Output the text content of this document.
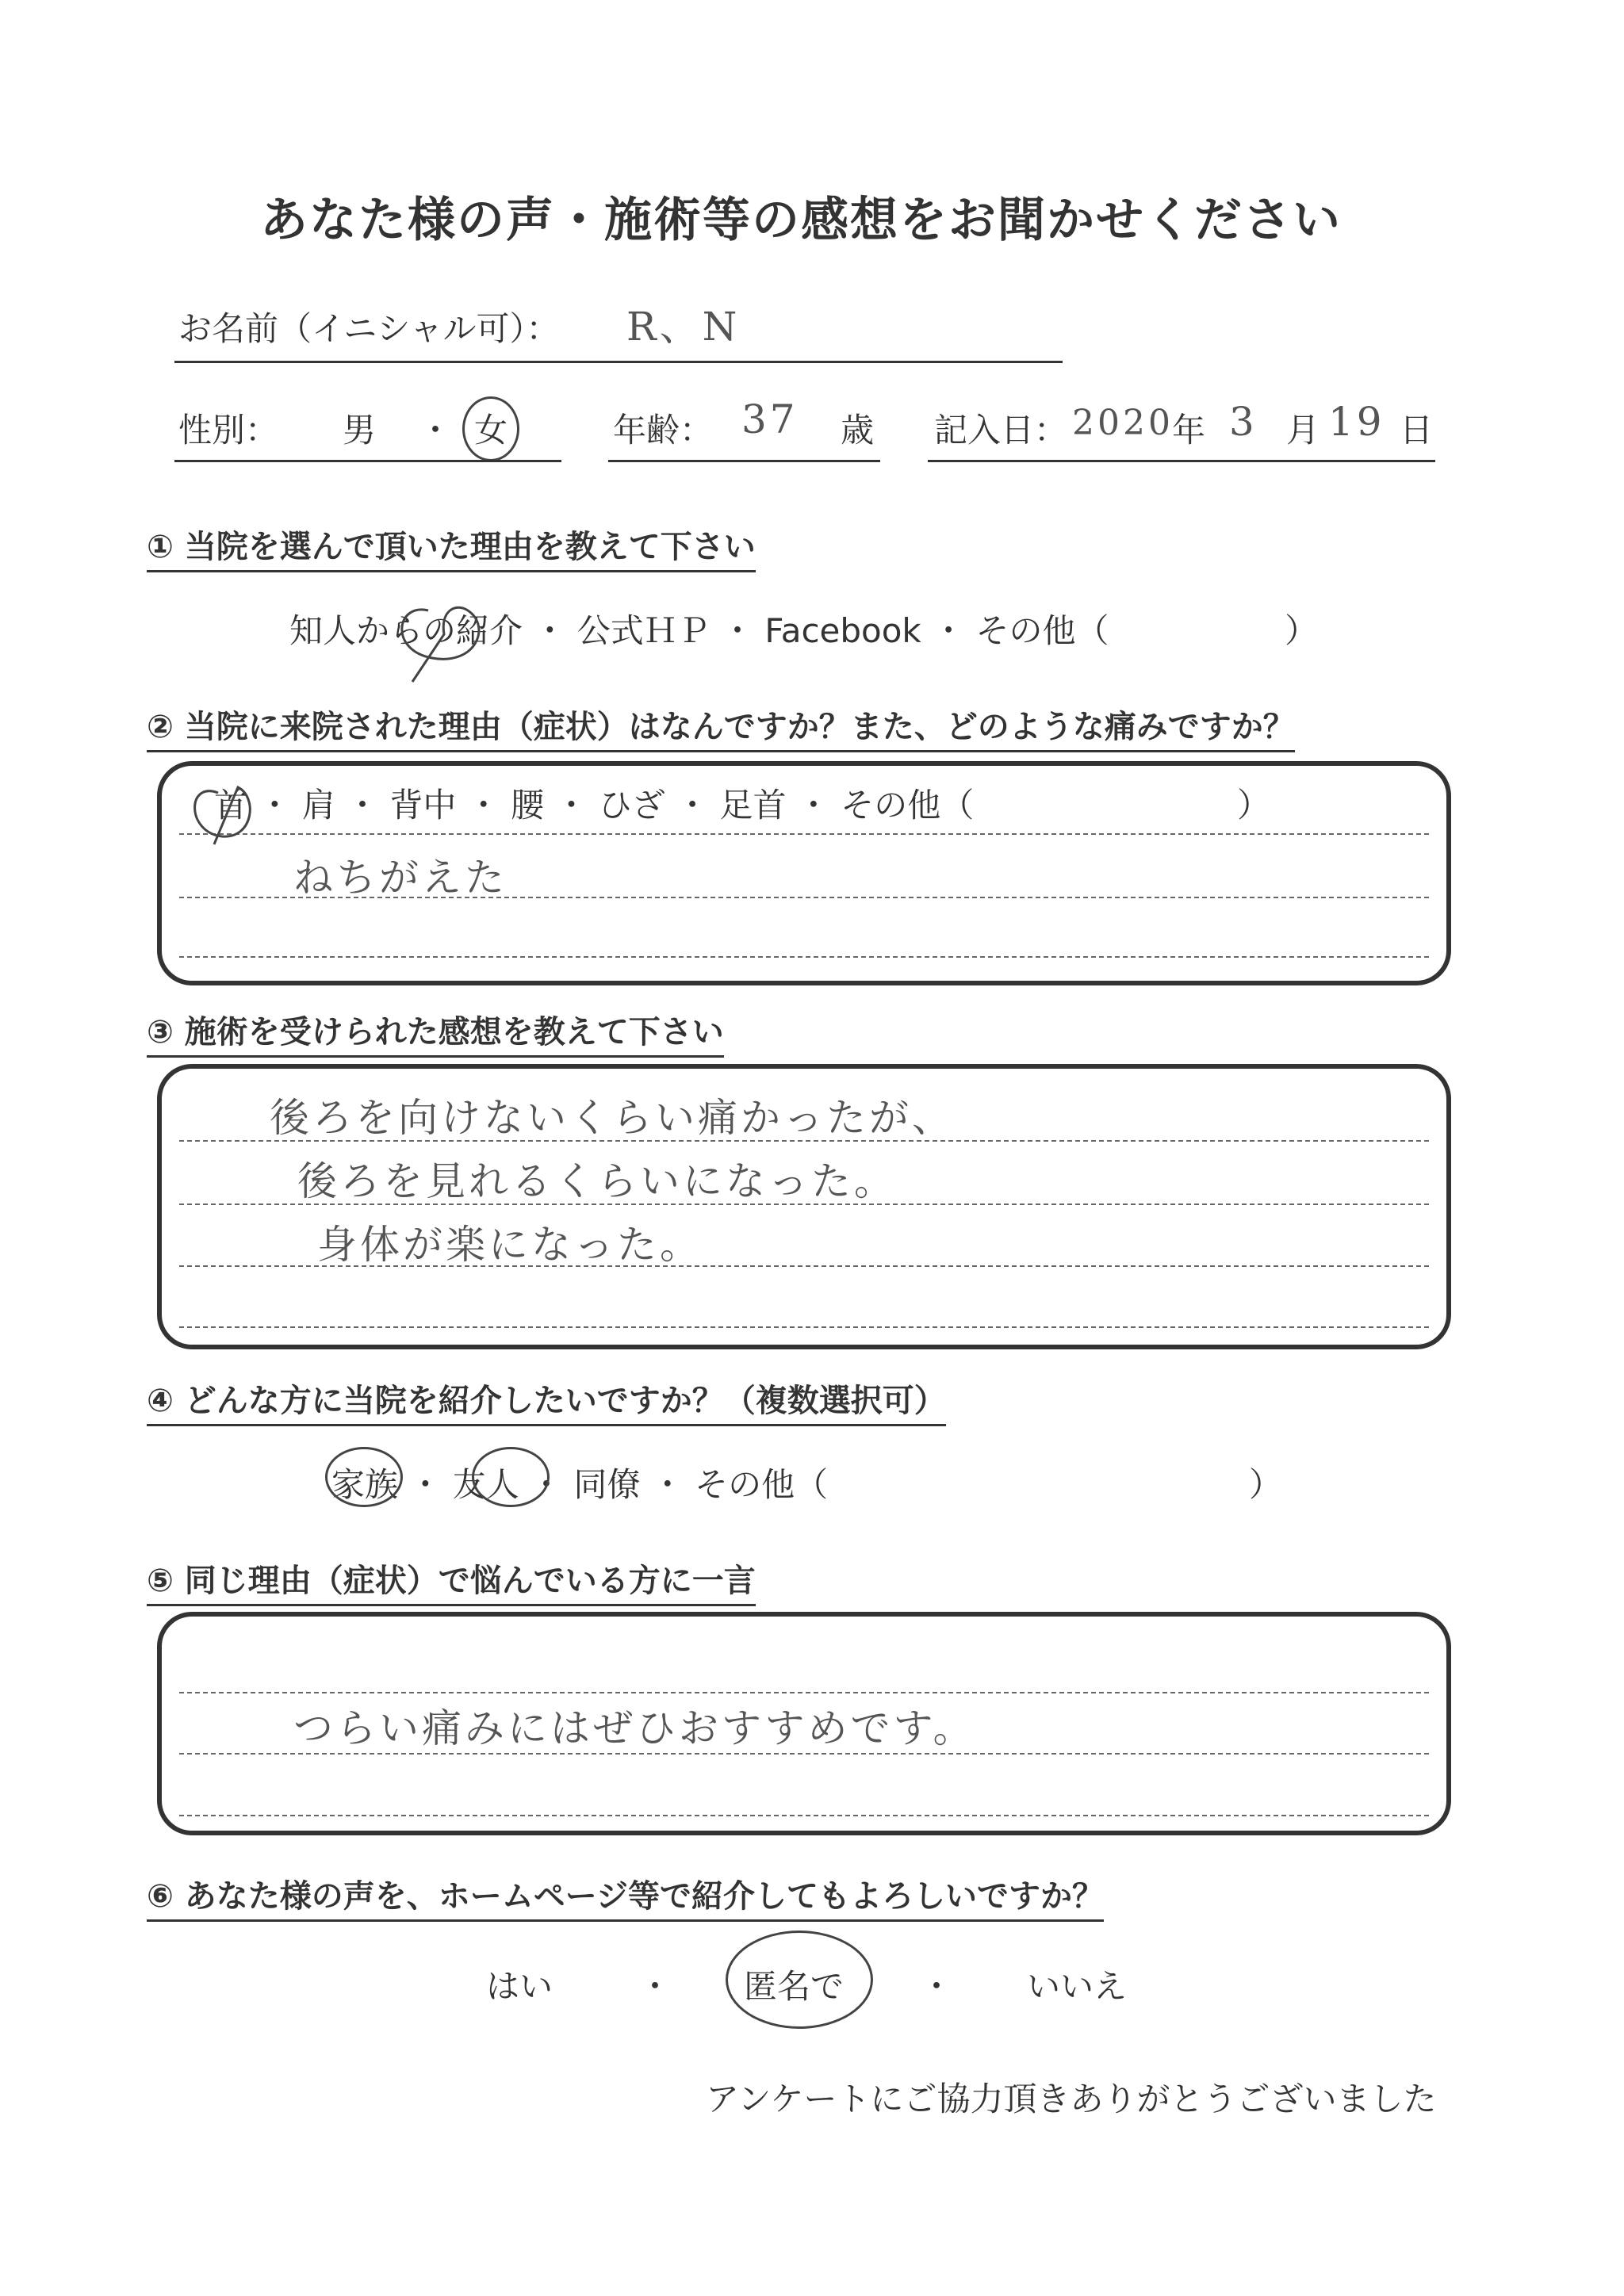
あなた様の声・施術等の感想をお聞かせください
お名前（イニシャル可）： R、N
性別： 男 ・ 女	年齢： 37 歳 記入日： 2020
年 3 月 19 日
① 当院を選んで頂いた理由を教えて下さい
知人からの紹介 ・ 公式ＨＰ ・ Facebook ・ その他（	）
② 当院に来院された理由（症状）はなんですか？また、どのような痛みですか？
首 ・ 肩 ・ 背中 ・ 腰 ・ ひざ ・ 足首 ・ その他（	）
ねちがえた
③ 施術を受けられた感想を教えて下さい
後ろを向けないくらい痛かったが、
後ろを見れるくらいになった。
身体が楽になった。
④ どんな方に当院を紹介したいですか？（複数選択可）
家族 ・ 友人 ・ 同僚 ・ その他（	）
⑤ 同じ理由（症状）で悩んでいる方に一言
つらい痛みにはぜひおすすめです。
⑥ あなた様の声を、ホームページ等で紹介してもよろしいですか？
はい	・ 匿名で ・ いいえ
アンケートにご協力頂きありがとうございました
